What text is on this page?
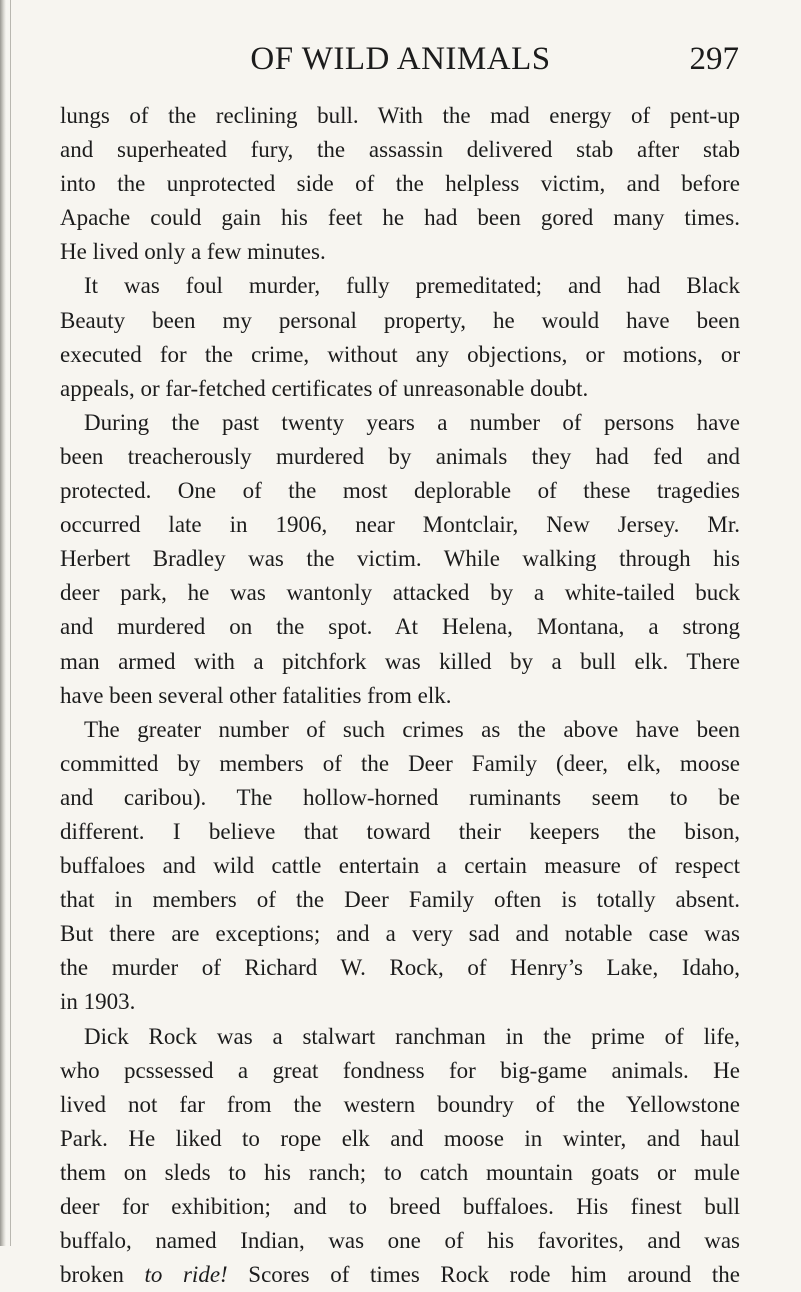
OF WILD ANIMALS	297
lungs of the reclining bull. With the mad energy of pent-up
and superheated fury, the assassin delivered stab after stab
into the unprotected side of the helpless victim, and before
Apache could gain his feet he had been gored many times.
He lived only a few minutes.
It was foul murder, fully premeditated; and had Black
Beauty been my personal property, he would have been
executed for the crime, without any objections, or motions, or
appeals, or far-fetched certificates of unreasonable doubt.
During the past twenty years a number of persons have
been treacherously murdered by animals they had fed and
protected. One of the most deplorable of these tragedies
occurred late in 1906, near Montclair, New Jersey. Mr.
Herbert Bradley was the victim. While walking through his
deer park, he was wantonly attacked by a white-tailed buck
and murdered on the spot. At Helena, Montana, a strong
man armed with a pitchfork was killed by a bull elk. There
have been several other fatalities from elk.
The greater number of such crimes as the above have been
committed by members of the Deer Family (deer, elk, moose
and caribou). The hollow-horned ruminants seem to be
different. I believe that toward their keepers the bison,
buffaloes and wild cattle entertain a certain measure of respect
that in members of the Deer Family often is totally absent.
But there are exceptions; and a very sad and notable case was
the murder of Richard W. Rock, of Henry’s Lake, Idaho,
in 1903.
Dick Rock was a stalwart ranchman in the prime of life,
who pcssessed a great fondness for big-game animals. He
lived not far from the western boundry of the Yellowstone
Park. He liked to rope elk and moose in winter, and haul
them on sleds to his ranch; to catch mountain goats or mule
deer for exhibition; and to breed buffaloes. His finest bull
buffalo, named Indian, was one of his favorites, and was
broken to ride! Scores of times Rock rode him around the
